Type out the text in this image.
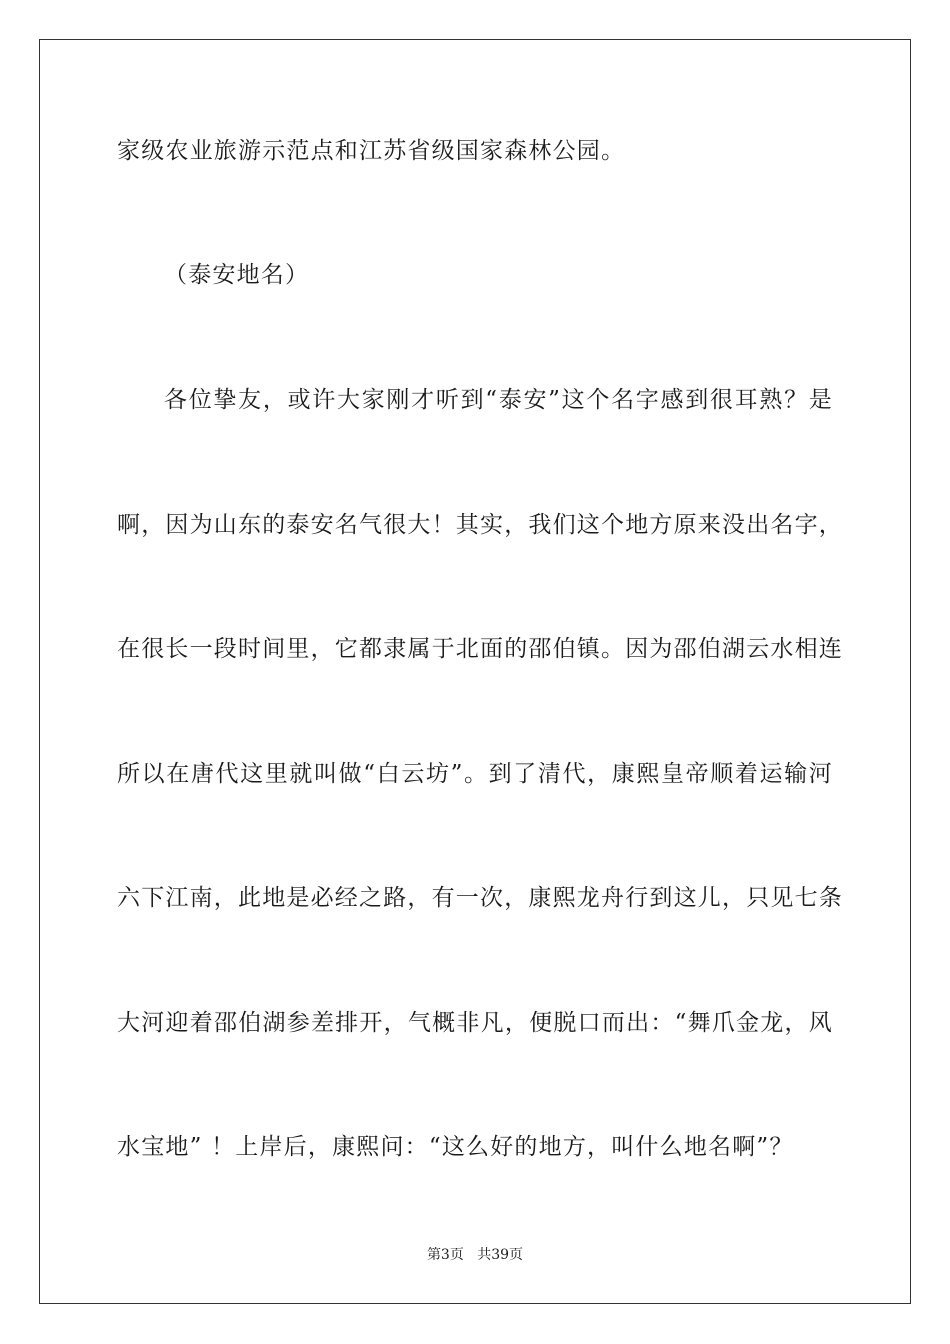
家级农业旅游示范点和江苏省级国家森林公园。
（泰安地名）
各位挚友，或许大家刚才听到“泰安”这个名字感到很耳熟？是
啊，因为山东的泰安名气很大！其实，我们这个地方原来没出名字，
在很长一段时间里，它都隶属于北面的邵伯镇。因为邵伯湖云水相连
所以在唐代这里就叫做“白云坊”。到了清代，康熙皇帝顺着运输河
六下江南，此地是必经之路，有一次，康熙龙舟行到这儿，只见七条
大河迎着邵伯湖参差排开，气概非凡，便脱口而出：“舞爪金龙，风
水宝地” ！上岸后，康熙问：“这么好的地方，叫什么地名啊”？
第3页 共39页
